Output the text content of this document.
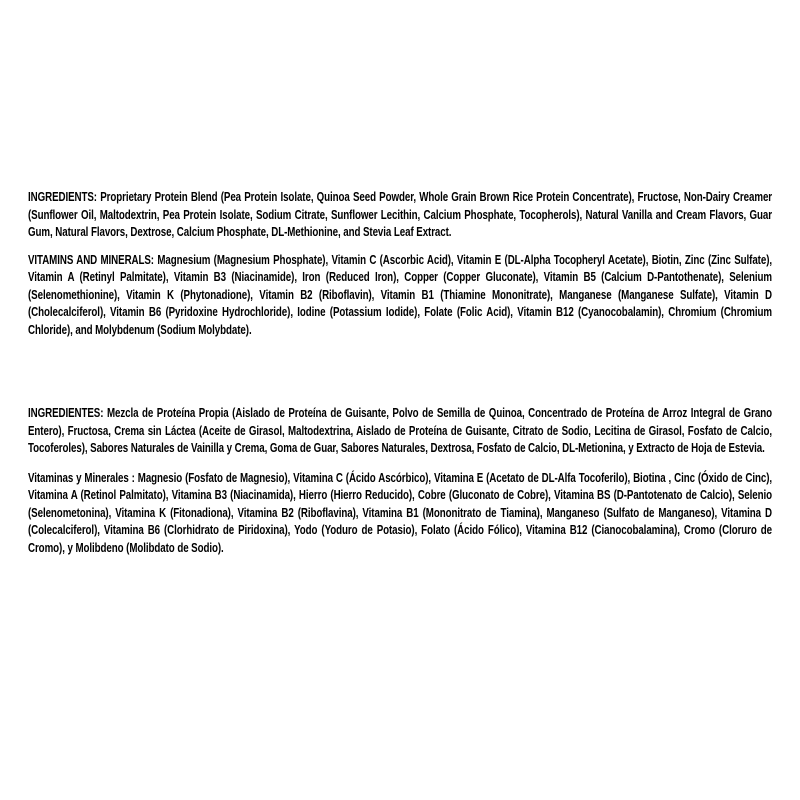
INGREDIENTS: Proprietary Protein Blend (Pea Protein Isolate, Quinoa Seed Powder, Whole Grain Brown Rice Protein Concentrate), Fructose, Non-Dairy Creamer (Sunflower Oil, Maltodextrin, Pea Protein Isolate, Sodium Citrate, Sunflower Lecithin, Calcium Phosphate, Tocopherols), Natural Vanilla and Cream Flavors, Guar Gum, Natural Flavors, Dextrose, Calcium Phosphate, DL-Methionine, and Stevia Leaf Extract.

VITAMINS AND MINERALS: Magnesium (Magnesium Phosphate), Vitamin C (Ascorbic Acid), Vitamin E (DL-Alpha Tocopheryl Acetate), Biotin, Zinc (Zinc Sulfate), Vitamin A (Retinyl Palmitate), Vitamin B3 (Niacinamide), Iron (Reduced Iron), Copper (Copper Gluconate), Vitamin B5 (Calcium D-Pantothenate), Selenium (Selenomethionine), Vitamin K (Phytonadione), Vitamin B2 (Riboflavin), Vitamin B1 (Thiamine Mononitrate), Manganese (Manganese Sulfate), Vitamin D (Cholecalciferol), Vitamin B6 (Pyridoxine Hydrochloride), Iodine (Potassium Iodide), Folate (Folic Acid), Vitamin B12 (Cyanocobalamin), Chromium (Chromium Chloride), and Molybdenum (Sodium Molybdate).

INGREDIENTES: Mezcla de Proteína Propia (Aislado de Proteína de Guisante, Polvo de Semilla de Quinoa, Concentrado de Proteína de Arroz Integral de Grano Entero), Fructosa, Crema sin Láctea (Aceite de Girasol, Maltodextrina, Aislado de Proteína de Guisante, Citrato de Sodio, Lecitina de Girasol, Fosfato de Calcio, Tocoferoles), Sabores Naturales de Vainilla y Crema, Goma de Guar, Sabores Naturales, Dextrosa, Fosfato de Calcio, DL-Metionina, y Extracto de Hoja de Estevia.

Vitaminas y Minerales : Magnesio (Fosfato de Magnesio), Vitamina C (Ácido Ascórbico), Vitamina E (Acetato de DL-Alfa Tocoferilo), Biotina , Cinc (Óxido de Cinc), Vitamina A (Retinol Palmitato), Vitamina B3 (Niacinamida), Hierro (Hierro Reducido), Cobre (Gluconato de Cobre), Vitamina BS (D-Pantotenato de Calcio), Selenio (Selenometonina), Vitamina K (Fitonadiona), Vitamina B2 (Riboflavina), Vitamina B1 (Mononitrato de Tiamina), Manganeso (Sulfato de Manganeso), Vitamina D (Colecalciferol), Vitamina B6 (Clorhidrato de Piridoxina), Yodo (Yoduro de Potasio), Folato (Ácido Fólico), Vitamina B12 (Cianocobalamina), Cromo (Cloruro de Cromo), y Molibdeno (Molibdato de Sodio).
